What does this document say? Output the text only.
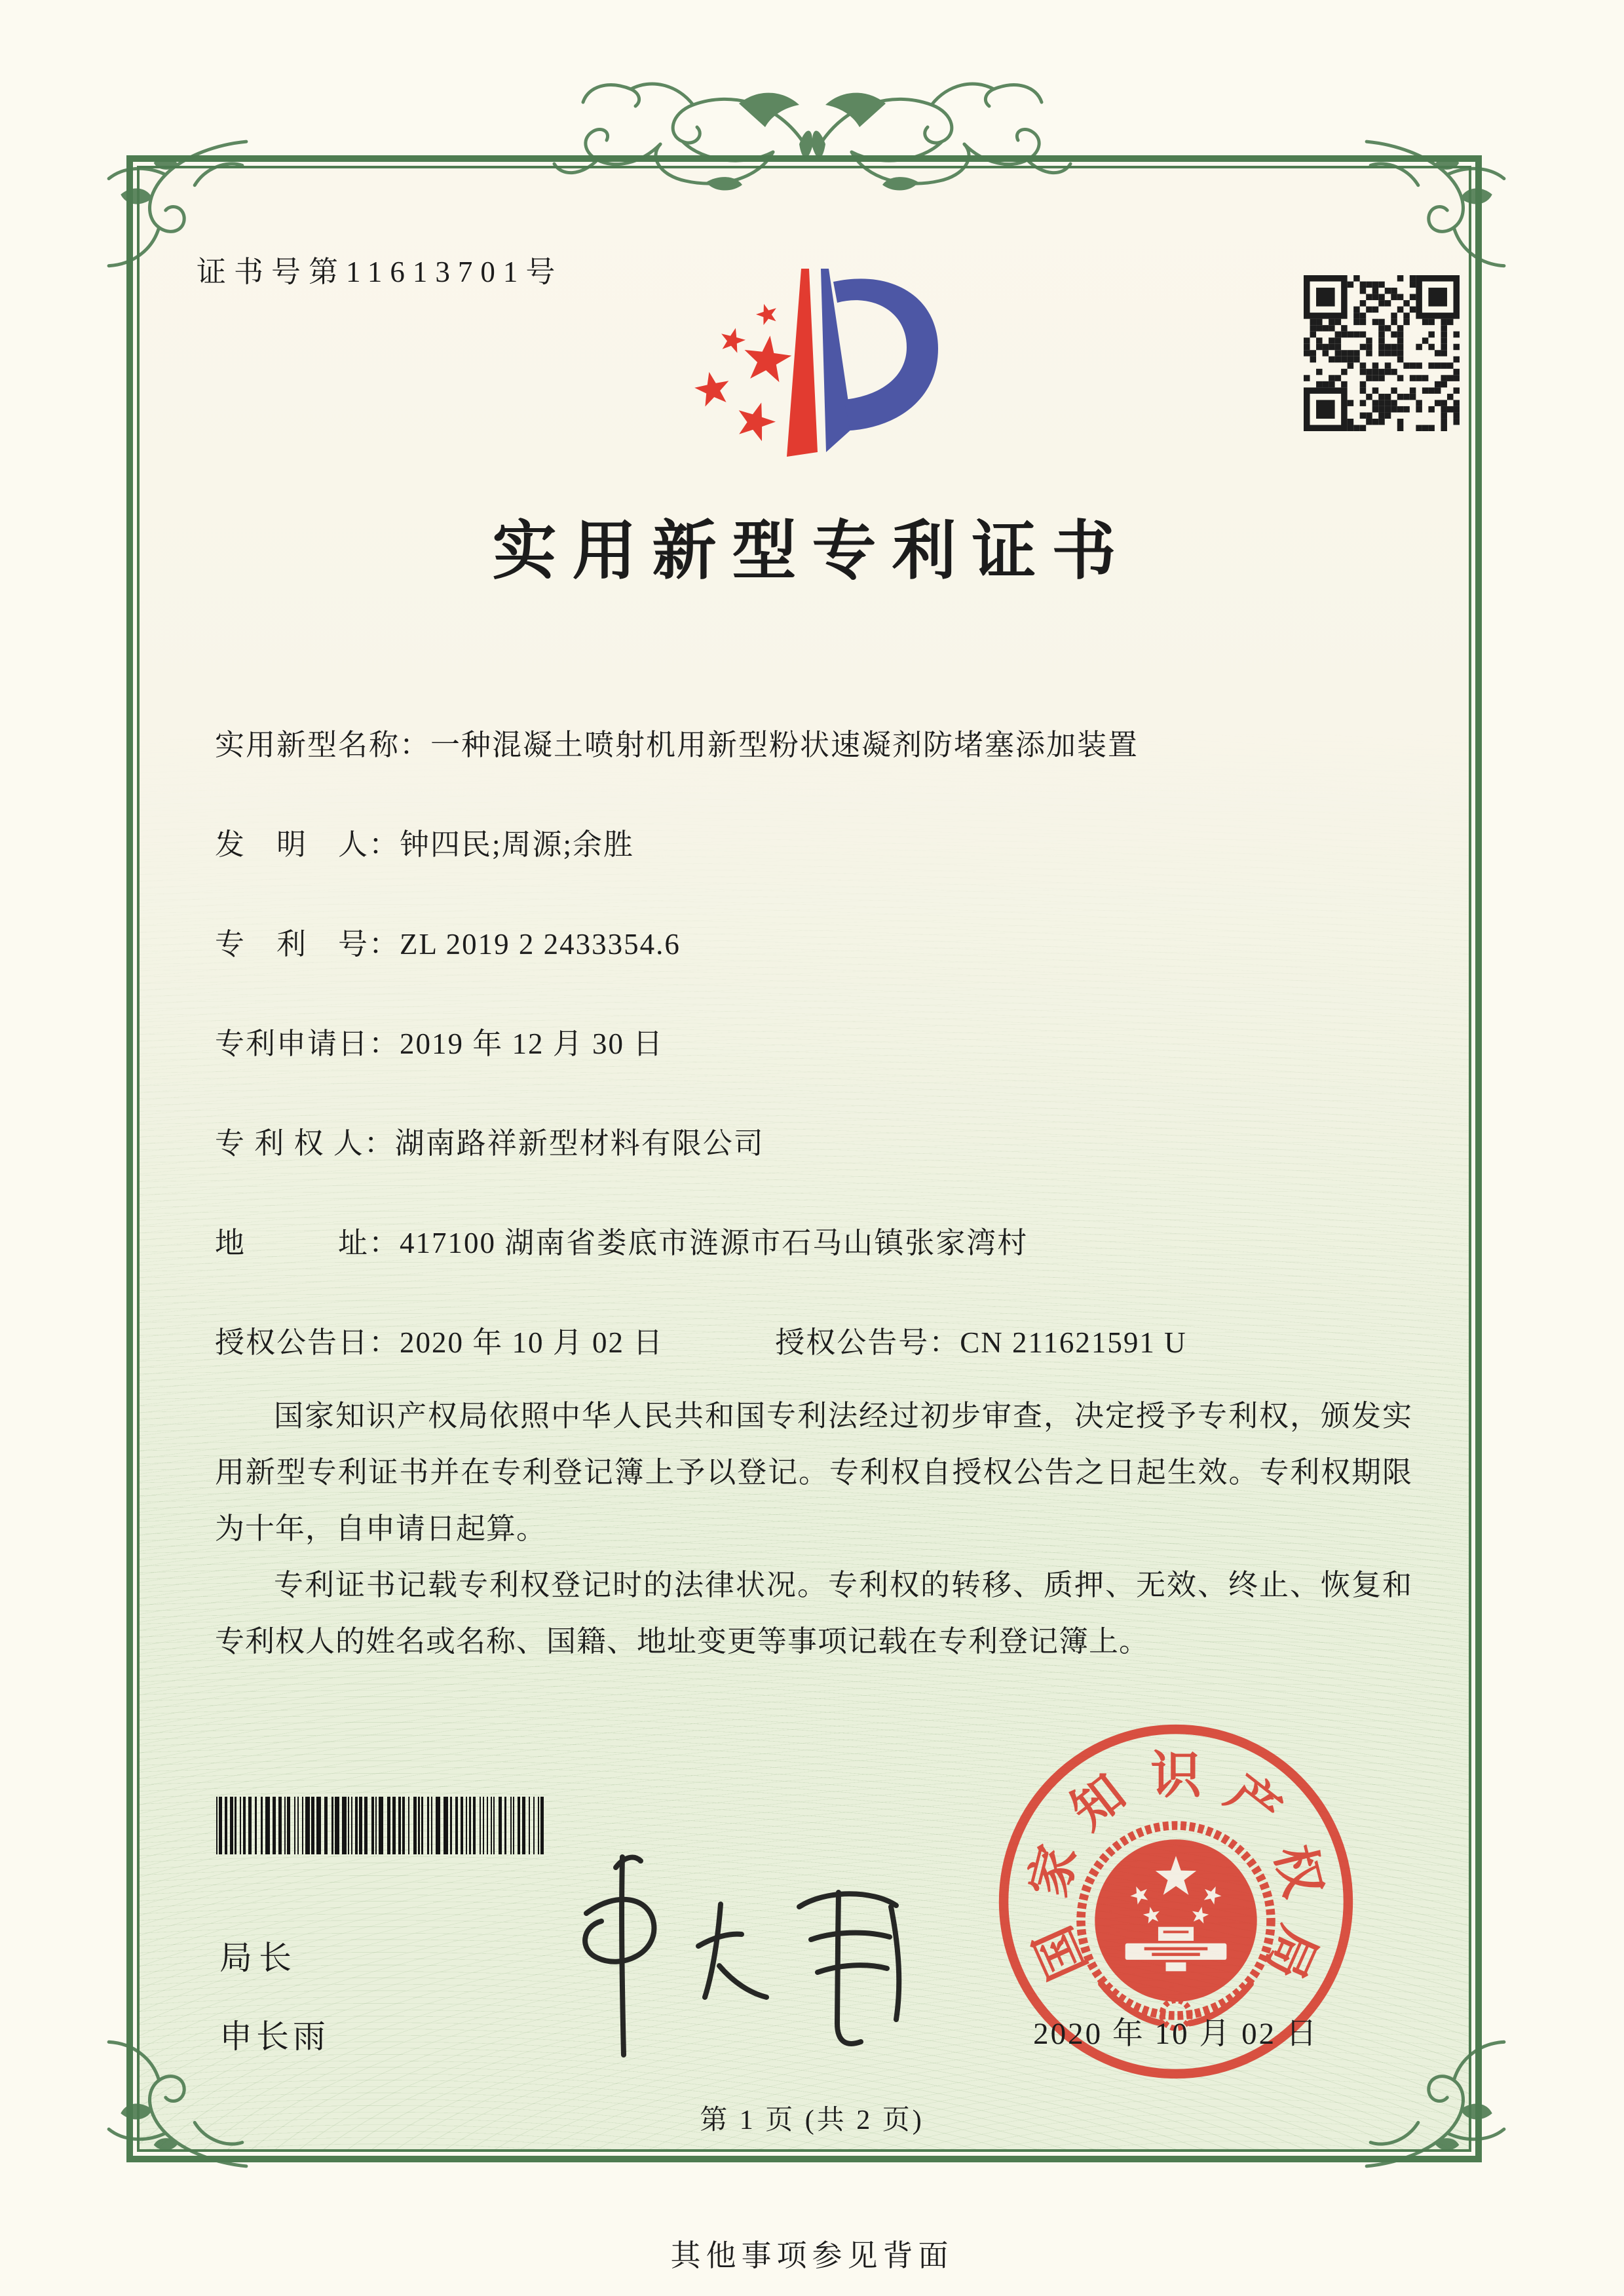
证书号第11613701号
实用新型专利证书
实用新型名称：一种混凝土喷射机用新型粉状速凝剂防堵塞添加装置
发　明　人：钟四民;周源;余胜
专　利　号：ZL 2019 2 2433354.6
专利申请日：2019 年 12 月 30 日
专 利 权 人：湖南路祥新型材料有限公司
地　　　址：417100 湖南省娄底市涟源市石马山镇张家湾村
授权公告日：2020 年 10 月 02 日	授权公告号：CN 211621591 U

国家知识产权局依照中华人民共和国专利法经过初步审查，决定授予专利权，颁发实用新型专利证书并在专利登记簿上予以登记。专利权自授权公告之日起生效。专利权期限为十年，自申请日起算。

专利证书记载专利权登记时的法律状况。专利权的转移、质押、无效、终止、恢复和专利权人的姓名或名称、国籍、地址变更等事项记载在专利登记簿上。

局长
申长雨
国
家
知 识 产
权
局
2020 年 10 月 02 日
第 1 页 (共 2 页)
其他事项参见背面
